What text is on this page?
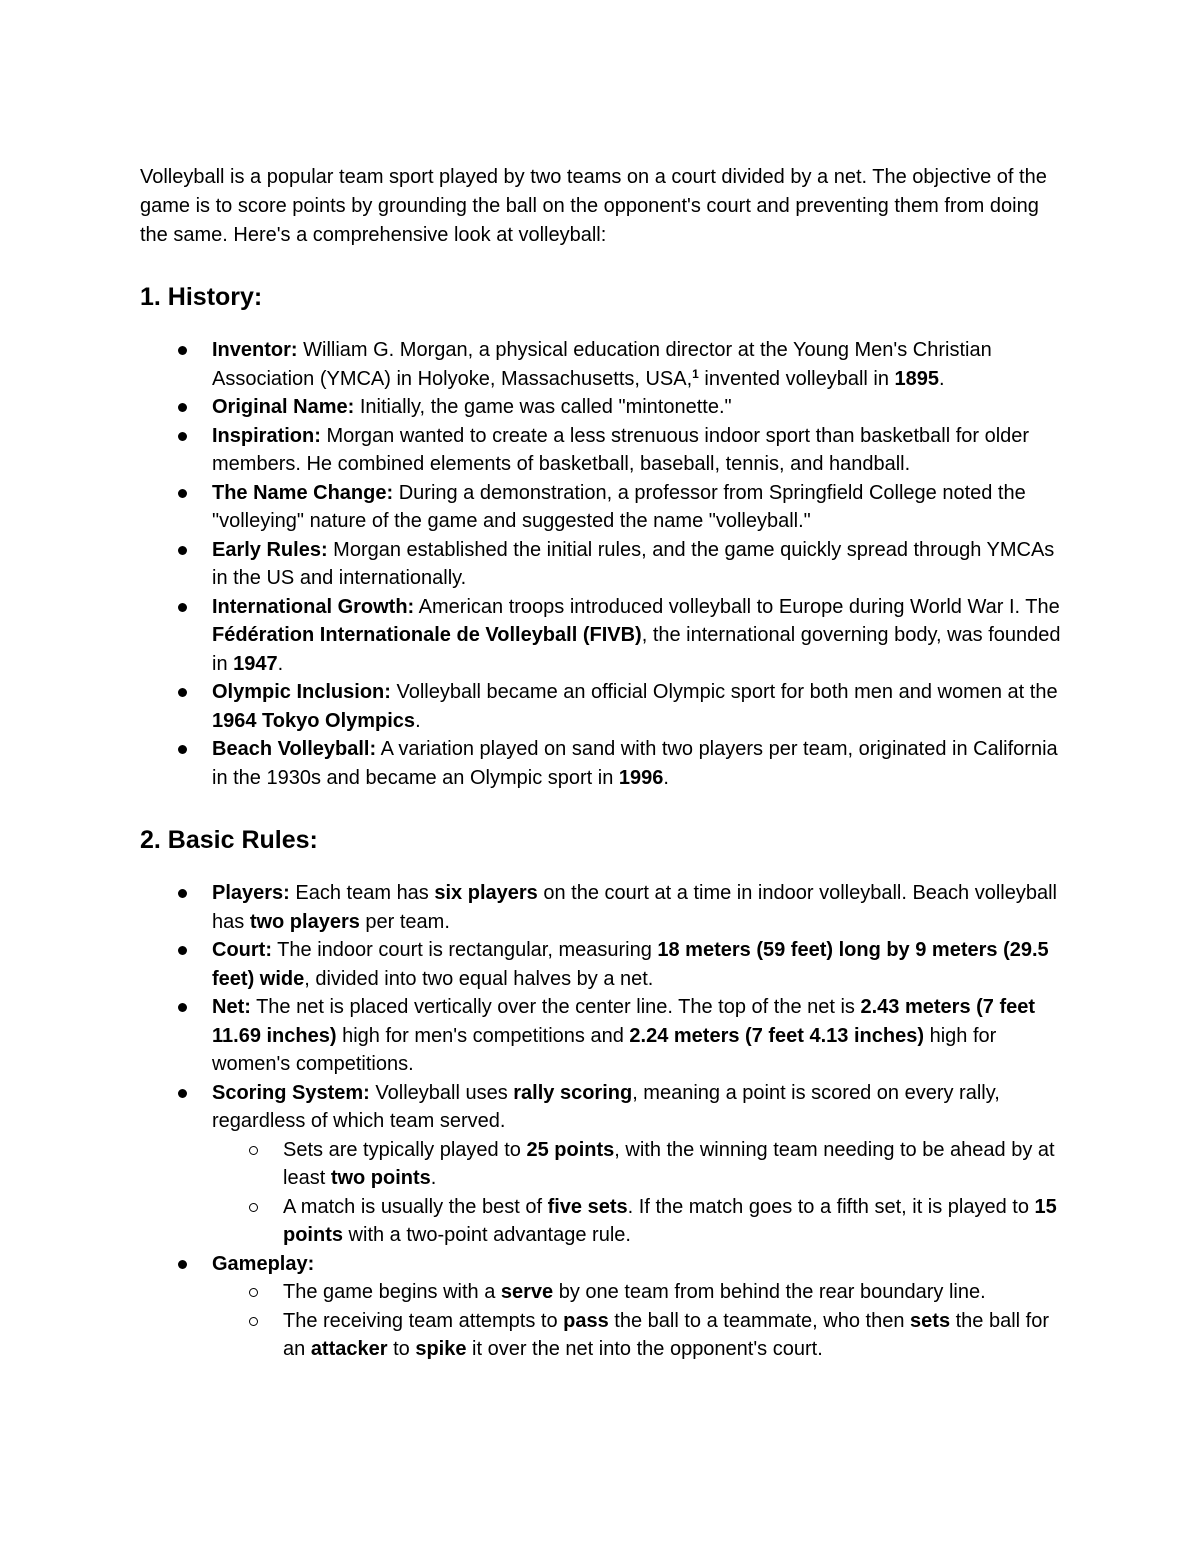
Volleyball is a popular team sport played by two teams on a court divided by a net. The objective of the game is to score points by grounding the ball on the opponent's court and preventing them from doing the same. Here's a comprehensive look at volleyball:

1. History:
Inventor: William G. Morgan, a physical education director at the Young Men's Christian Association (YMCA) in Holyoke, Massachusetts, USA,$^1$ invented volleyball in 1895.
Original Name: Initially, the game was called "mintonette."
Inspiration: Morgan wanted to create a less strenuous indoor sport than basketball for older members. He combined elements of basketball, baseball, tennis, and handball.
The Name Change: During a demonstration, a professor from Springfield College noted the "volleying" nature of the game and suggested the name "volleyball."
Early Rules: Morgan established the initial rules, and the game quickly spread through YMCAs in the US and internationally.
International Growth: American troops introduced volleyball to Europe during World War I. The Fédération Internationale de Volleyball (FIVB), the international governing body, was founded in 1947.
Olympic Inclusion: Volleyball became an official Olympic sport for both men and women at the 1964 Tokyo Olympics.
Beach Volleyball: A variation played on sand with two players per team, originated in California in the 1930s and became an Olympic sport in 1996.
2. Basic Rules:
Players: Each team has six players on the court at a time in indoor volleyball. Beach volleyball has two players per team.
Court: The indoor court is rectangular, measuring 18 meters (59 feet) long by 9 meters (29.5 feet) wide, divided into two equal halves by a net.
Net: The net is placed vertically over the center line. The top of the net is 2.43 meters (7 feet 11.69 inches) high for men's competitions and 2.24 meters (7 feet 4.13 inches) high for women's competitions.
Scoring System: Volleyball uses rally scoring, meaning a point is scored on every rally, regardless of which team served.
Sets are typically played to 25 points, with the winning team needing to be ahead by at least two points.
A match is usually the best of five sets. If the match goes to a fifth set, it is played to 15 points with a two-point advantage rule.
Gameplay:
The game begins with a serve by one team from behind the rear boundary line.
The receiving team attempts to pass the ball to a teammate, who then sets the ball for an attacker to spike it over the net into the opponent's court.
